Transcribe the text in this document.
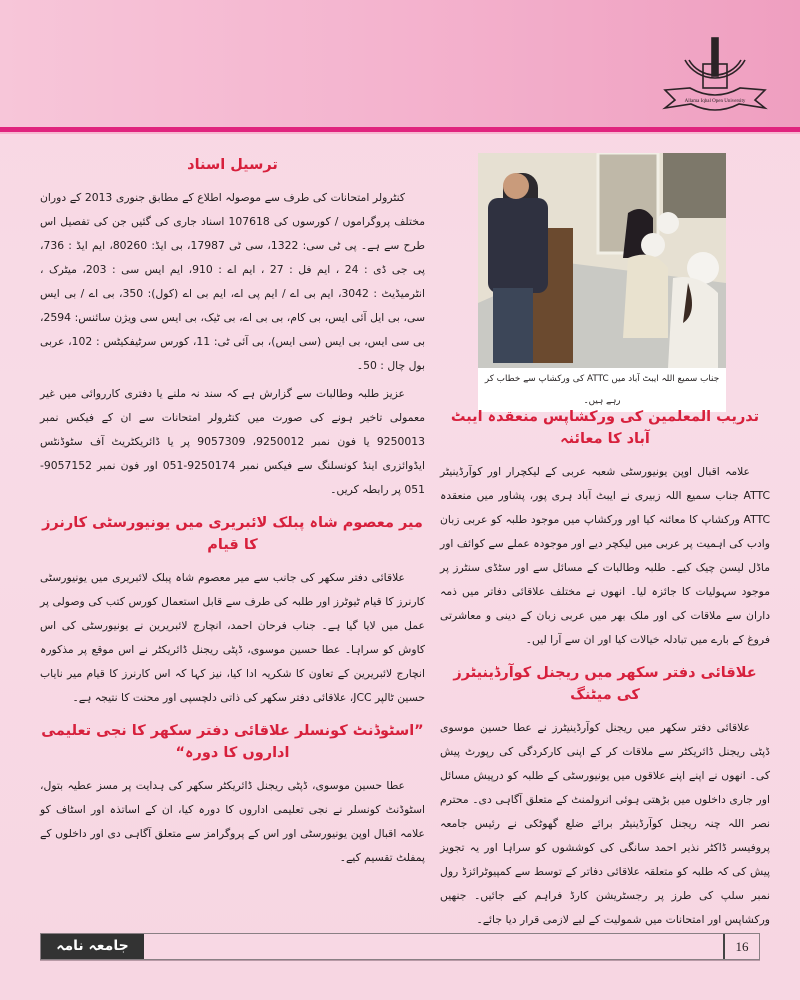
Allama Iqbal Open University
ترسیل اسناد
کنٹرولر امتحانات کی طرف سے موصولہ اطلاع کے مطابق جنوری 2013 کےدوران مختلف پروگراموں / کورسوں کی 107618 اسناد جاری کی گئیں جن کی تفصیل اسطرح سے ہے۔ پی ٹی سی: 1322، سی ٹی 17987، بی ایڈ: 80260، ایم ایڈ :736، پی جی ڈی : 24 ، ایم فل : 27 ، ایم اے : 910، ایم ایس سی :203، میٹرک ، انٹرمیڈیٹ : 3042، ایم بی اے / ایم پی اے، ایم بی اے(کول): 350، بی اے / بی ایس سی، بی ایل آئی ایس، بی کام، بی بی اے، بیٹیک، بی ایس سی ویژن سائنس: 2594، بی سی ایس، بی ایس (سی ایس)، بی آئیٹی: 11، کورس سرٹیفکیٹس : 102، عربی بول چال : 50۔
عزیز طلبہ وطالبات سے گزارش ہے کہ سند نہ ملنے یا دفتری کارروائی میں غیرمعمولی تاخیر ہونے کی صورت میں کنٹرولر امتحانات سے ان کے فیکس نمبر 9250013 یافون نمبر 9250012، 9057309 پر یا ڈائریکٹریٹ آف سٹوڈنٹس ایڈوائزری اینڈکونسلنگ سے فیکس نمبر 9250174-051 اور فون نمبر 9057152-051 پر رابطہکریں۔
میر معصوم شاہ پبلک لائبریری میں یونیورسٹی کارنرز کا قیام
علاقائی دفتر سکھر کی جانب سے میر معصوم شاہ پبلک لائبریری میں یونیورسٹیکارنرز کا قیام ٹیوٹرز اور طلبہ کی طرف سے قابل استعمال کورس کتب کی وصولی پر عمل میں لایاگیا ہے۔ جناب فرحان احمد، انچارج لائبریرین نے یونیورسٹی کی اس کاوش کو سراہا۔عطا حسین موسوی، ڈپٹی ریجنل ڈائریکٹر نے اس موقع پر مذکورہ انچارج لائبریرین کےتعاون کا شکریہ ادا کیا، نیز کہا کہ اس کارنرز کا قیام میر نایاب حسین ٹالپر JCC، علاقائیدفتر سکھر کی ذاتی دلچسپی اور محنت کا نتیجہ ہے۔
”اسٹوڈنٹ کونسلر علاقائی دفتر سکھر کا نجی تعلیمی اداروں کا دورہ“
عطا حسین موسوی، ڈپٹی ریجنل ڈائریکٹر سکھر کی ہدایت پر مسز عطیہ بتول،اسٹوڈنٹ کونسلر نے نجی تعلیمی اداروں کا دورہ کیا، ان کے اساتذہ اور اسٹاف کو علامہ اقبال اوپنیونیورسٹی اور اس کے پروگرامز سے متعلق آگاہی دی اور داخلوں کے پمفلٹ تقسیم کیے۔
جناب سمیع اللہ ایبٹ آباد میں ATTC کی ورکشاپ سے خطاب کر رہے ہیں۔
تدریب المعلمین کی ورکشاپس منعقدہ ایبٹ آباد کا معائنہ
علامہ اقبال اوپن یونیورسٹی شعبہ عربی کے لیکچرار اور کوآرڈینیٹر ATTCجناب سمیع اللہ زبیری نے ایبٹ آباد ہری پور، پشاور میں منعقدہ ATTC ورکشاپ کامعائنہ کیا اور ورکشاپ میں موجود طلبہ کو عربی زبان وادب کی اہمیت پر عربی میں لیکچر دیےاور موجودہ عملے سے کوائف اور ماڈل لیسن چیک کیے۔ طلبہ وطالبات کے مسائل سے اورسٹڈی سنٹرز پر موجود سہولیات کا جائزہ لیا۔ انھوں نے مختلف علاقائی دفاتر میں ذمہ دارانسے ملاقات کی اور ملک بھر میں عربی زبان کے دینی و معاشرتی فروغ کے بارے میںتبادلہ خیالات کیا اور ان سے آرا لیں۔
علاقائی دفتر سکھر میں ریجنل کوآرڈینیٹرز کی میٹنگ
علاقائی دفتر سکھر میں ریجنل کوآرڈینیٹرز نے عطا حسین موسوی ڈپٹی ریجنلڈائریکٹر سے ملاقات کر کے اپنی کارکردگی کی رپورٹ پیش کی۔ انھوں نے اپنے اپنےعلاقوں میں یونیورسٹی کے طلبہ کو درپیش مسائل اور جاری داخلوں میں بڑھتی ہوئیانرولمنٹ کے متعلق آگاہی دی۔ محترم نصر اللہ چنہ ریجنل کوآرڈینیٹر برائے ضلع گھوٹکی نےرئیس جامعہ پروفیسر ڈاکٹر نذیر احمد سانگی کی کوششوں کو سراہا اور یہ تجویز پیش کی کہ طلبہ کومتعلقہ علاقائی دفاتر کے توسط سے کمپیوٹرائزڈ رول نمبر سلپ کی طرز پر رجسٹریشن کارڈفراہم کیے جائیں۔ جنھیں ورکشاپس اور امتحانات میں شمولیت کے لیے لازمی قرار دیاجائے۔
جامعہ نامہ	16
